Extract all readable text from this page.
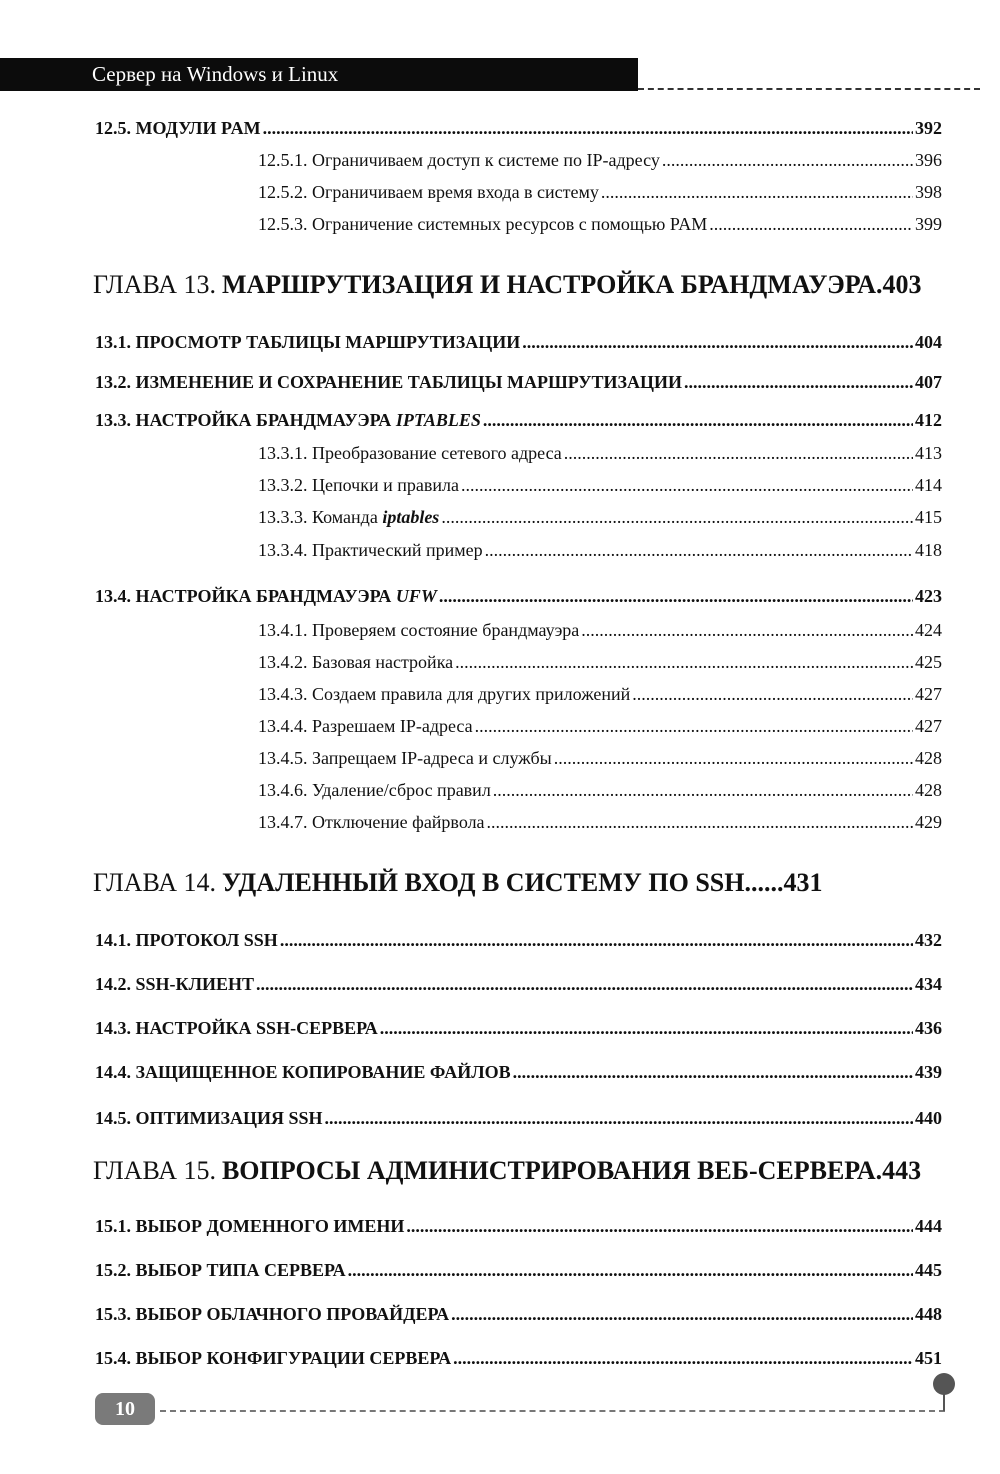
Сервер на Windows и Linux
12.5. МОДУЛИ PAM .....	392
12.5.1. Ограничиваем доступ к системе по IP-адресу .....	396
12.5.2. Ограничиваем время входа в систему .....	398
12.5.3. Ограничение системных ресурсов с помощью PAM .....	399
ГЛАВА 13. МАРШРУТИЗАЦИЯ И НАСТРОЙКА БРАНДМАУЭРА. 403
13.1. ПРОСМОТР ТАБЛИЦЫ МАРШРУТИЗАЦИИ .....	404
13.2. ИЗМЕНЕНИЕ И СОХРАНЕНИЕ ТАБЛИЦЫ МАРШРУТИЗАЦИИ .....	407
13.3. НАСТРОЙКА БРАНДМАУЭРА IPTABLES .....	412
13.3.1. Преобразование сетевого адреса .....	413
13.3.2. Цепочки и правила .....	414
13.3.3. Команда iptables .....	415
13.3.4. Практический пример .....	418
13.4. НАСТРОЙКА БРАНДМАУЭРА UFW .....	423
13.4.1. Проверяем состояние брандмауэра .....	424
13.4.2. Базовая настройка .....	425
13.4.3. Создаем правила для других приложений .....	427
13.4.4. Разрешаем IP-адреса .....	427
13.4.5. Запрещаем IP-адреса и службы .....	428
13.4.6. Удаление/сброс правил .....	428
13.4.7. Отключение файрвола .....	429
ГЛАВА 14. УДАЛЕННЫЙ ВХОД В СИСТЕМУ ПО SSH...... 431
14.1. ПРОТОКОЛ SSH .....	432
14.2. SSH-КЛИЕНТ .....	434
14.3. НАСТРОЙКА SSH-СЕРВЕРА .....	436
14.4. ЗАЩИЩЕННОЕ КОПИРОВАНИЕ ФАЙЛОВ .....	439
14.5. ОПТИМИЗАЦИЯ SSH .....	440
ГЛАВА 15. ВОПРОСЫ АДМИНИСТРИРОВАНИЯ ВЕБ-СЕРВЕРА. 443
15.1. ВЫБОР ДОМЕННОГО ИМЕНИ .....	444
15.2. ВЫБОР ТИПА СЕРВЕРА .....	445
15.3. ВЫБОР ОБЛАЧНОГО ПРОВАЙДЕРА .....	448
15.4. ВЫБОР КОНФИГУРАЦИИ СЕРВЕРА .....	451
10
